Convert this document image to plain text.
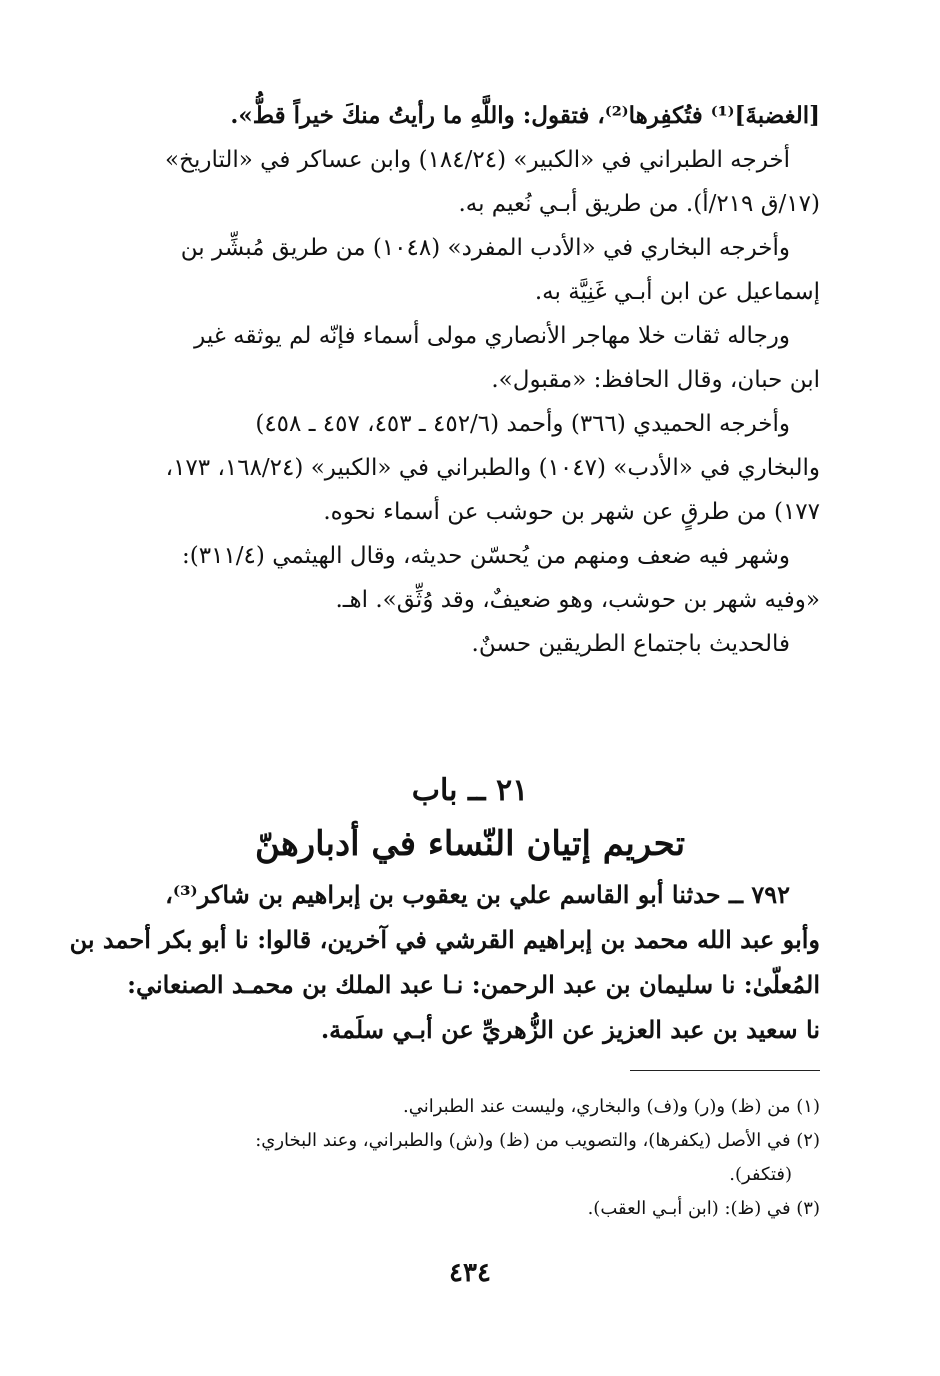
[الغضبةَ]⁽¹⁾ فتُكفِرها⁽²⁾، فتقول: واللَّهِ ما رأيتُ منكَ خيراً قطُّ».
أخرجه الطبراني في «الكبير» (١٨٤/٢٤) وابن عساكر في «التاريخ»
(١٧/ق ٢١٩/أ). من طريق أبـي نُعيم به.
وأخرجه البخاري في «الأدب المفرد» (١٠٤٨) من طريق مُبشِّر بن
إسماعيل عن ابن أبـي غَنِيَّة به.
ورجاله ثقات خلا مهاجر الأنصاري مولى أسماء فإنّه لم يوثقه غير
ابن حبان، وقال الحافظ: «مقبول».
وأخرجه الحميدي (٣٦٦) وأحمد (٤٥٢/٦ ـ ٤٥٣، ٤٥٧ ـ ٤٥٨)
والبخاري في «الأدب» (١٠٤٧) والطبراني في «الكبير» (١٦٨/٢٤، ١٧٣،
١٧٧) من طرقٍ عن شهر بن حوشب عن أسماء نحوه.
وشهر فيه ضعف ومنهم من يُحسّن حديثه، وقال الهيثمي (٣١١/٤):
«وفيه شهر بن حوشب، وهو ضعيفٌ، وقد وُثِّق». اهـ.
فالحديث باجتماع الطريقين حسنٌ.
٢١ ــ باب
تحريم إتيان النّساء في أدبارهنّ
٧٩٢ ــ حدثنا أبو القاسم علي بن يعقوب بن إبراهيم بن شاكر⁽³⁾،
وأبو عبد الله محمد بن إبراهيم القرشي في آخرين، قالوا: نا أبو بكر أحمد بن
المُعلّىٰ: نا سليمان بن عبد الرحمن: نـا عبد الملك بن محمـد الصنعاني:
نا سعيد بن عبد العزيز عن الزُّهريِّ عن أبـي سلَمة.
(١) من (ظ) و(ر) و(ف) والبخاري، وليست عند الطبراني.
(٢) في الأصل (يكفرها)، والتصويب من (ظ) و(ش) والطبراني، وعند البخاري:
(فتكفر).
(٣) في (ظ): (ابن أبـي العقب).
٤٣٤
